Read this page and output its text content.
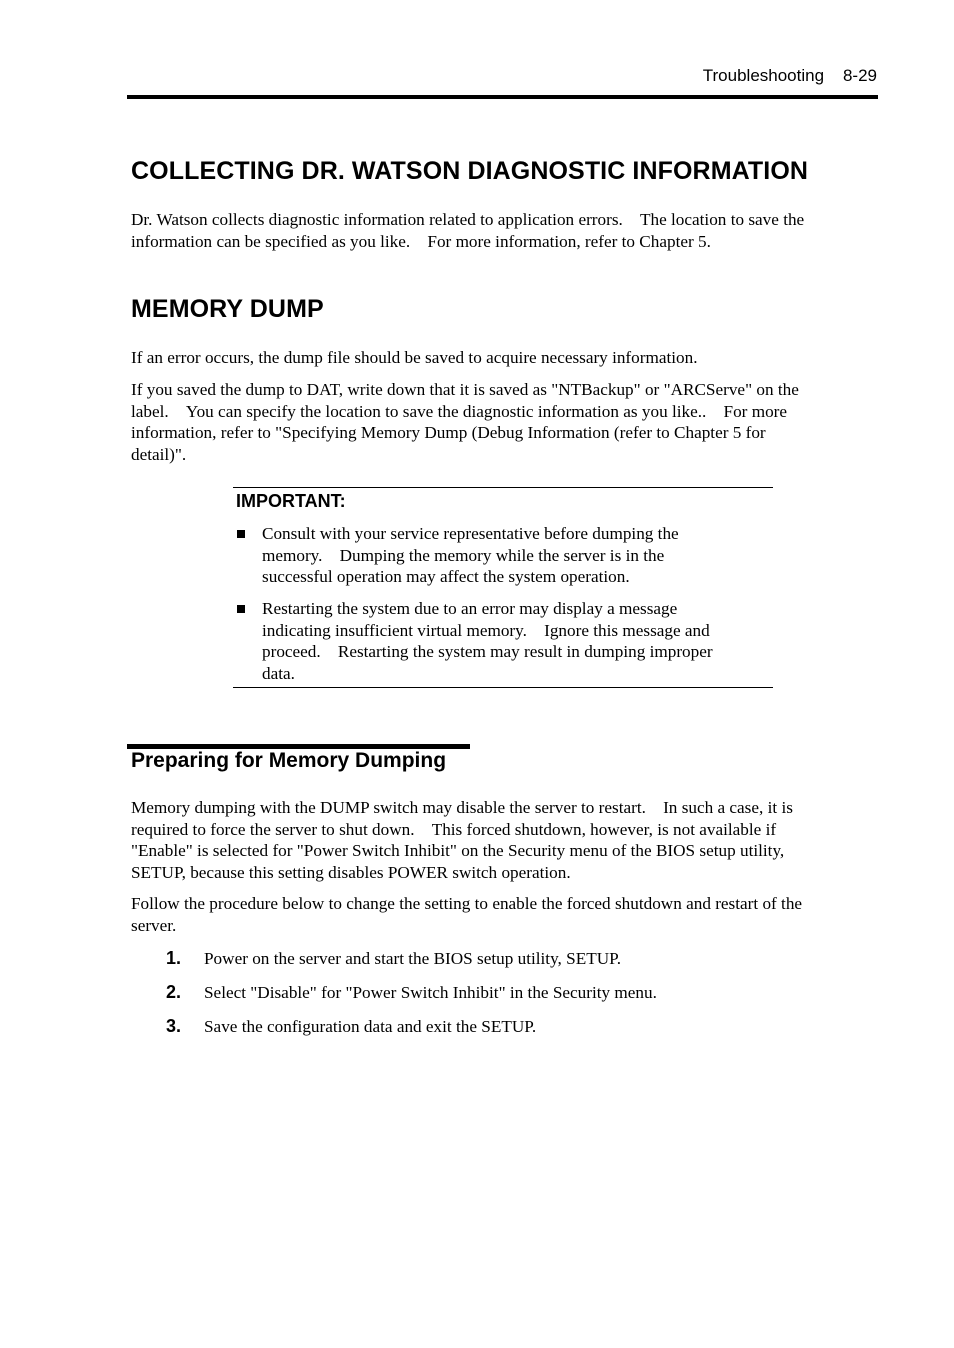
Troubleshooting 8-29
COLLECTING DR. WATSON DIAGNOSTIC INFORMATION

Dr. Watson collects diagnostic information related to application errors.　The location to save the
information can be specified as you like.　For more information, refer to Chapter 5.

MEMORY DUMP

If an error occurs, the dump file should be saved to acquire necessary information.

If you saved the dump to DAT, write down that it is saved as "NTBackup" or "ARCServe" on the
label.　You can specify the location to save the diagnostic information as you like..　For more
information, refer to "Specifying Memory Dump (Debug Information (refer to Chapter 5 for
detail)".

IMPORTANT:

Consult with your service representative before dumping the
memory.　Dumping the memory while the server is in the
successful operation may affect the system operation.

Restarting the system due to an error may display a message
indicating insufficient virtual memory.　Ignore this message and
proceed.　Restarting the system may result in dumping improper
data.

Preparing for Memory Dumping

Memory dumping with the DUMP switch may disable the server to restart.　In such a case, it is
required to force the server to shut down.　This forced shutdown, however, is not available if
"Enable" is selected for "Power Switch Inhibit" on the Security menu of the BIOS setup utility,
SETUP, because this setting disables POWER switch operation.

Follow the procedure below to change the setting to enable the forced shutdown and restart of the
server.

1. Power on the server and start the BIOS setup utility, SETUP.
2. Select "Disable" for "Power Switch Inhibit" in the Security menu.
3. Save the configuration data and exit the SETUP.
